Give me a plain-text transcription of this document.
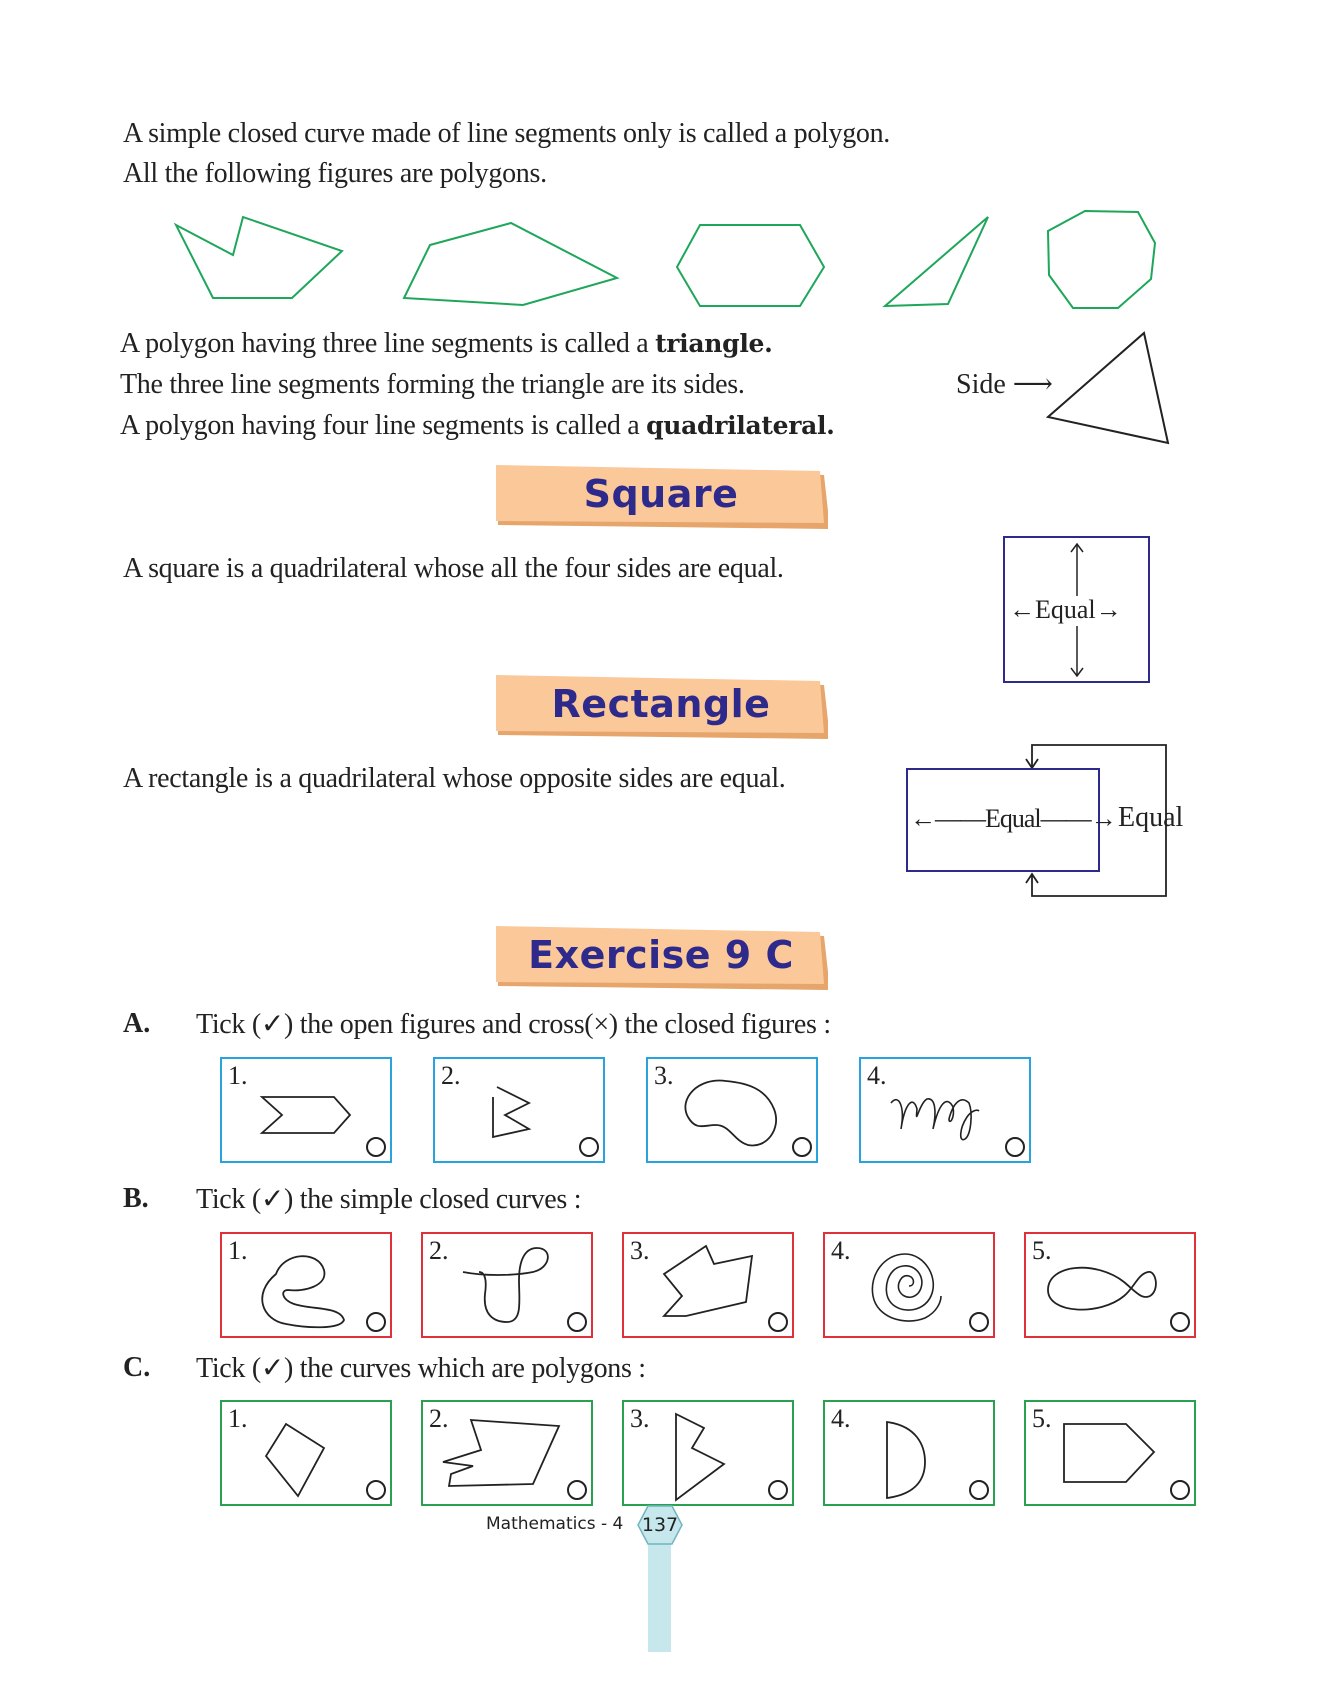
A simple closed curve made of line segments only is called a polygon.
All the following figures are polygons.
A polygon having three line segments is called a triangle.
The three line segments forming the triangle are its sides.
A polygon having four line segments is called a quadrilateral.
Side ⟶
Square
A square is a quadrilateral whose all the four sides are equal.
←Equal→
Rectangle
A rectangle is a quadrilateral whose opposite sides are equal.
←——Equal——→ Equal
Exercise 9 C
A. Tick (✓) the open figures and cross(×) the closed figures :
1.	2.	3.	4.
B. Tick (✓) the simple closed curves :
1.	2.	3.	4.	5.
C. Tick (✓) the curves which are polygons :
1.	2.	3.	4.	5.
Mathematics - 4 137
